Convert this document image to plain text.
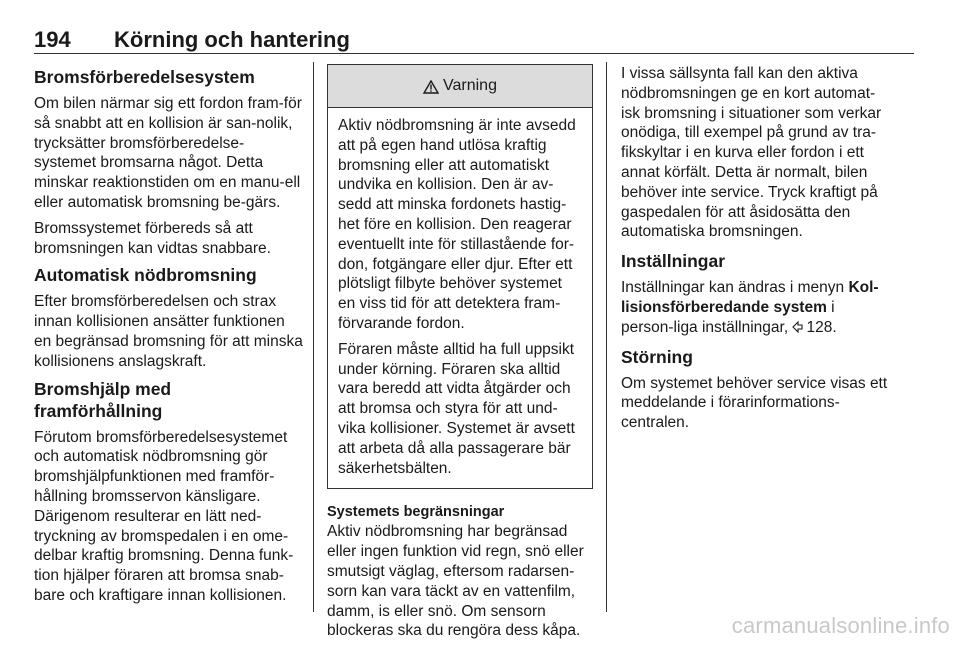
194 Körning och hantering
Bromsförberedelsesystem

Om bilen närmar sig ett fordon fram-för så snabbt att en kollision är san-nolik, trycksätter bromsförberedelse-systemet bromsarna något. Detta minskar reaktionstiden om en manu-ell eller automatisk bromsning be-gärs.

Bromssystemet förbereds så att bromsningen kan vidtas snabbare.

Automatisk nödbromsning

Efter bromsförberedelsen och strax innan kollisionen ansätter funktionen en begränsad bromsning för att minska kollisionens anslagskraft.

Bromshjälp med framförhållning

Förutom bromsförberedelsesystemet och automatisk nödbromsning gör bromshjälpfunktionen med framför-hållning bromsservon känsligare. Därigenom resulterar en lätt ned-tryckning av bromspedalen i en ome-delbar kraftig bromsning. Denna funk-tion hjälper föraren att bromsa snab-bare och kraftigare innan kollisionen.

Varning

Aktiv nödbromsning är inte avsedd att på egen hand utlösa kraftig bromsning eller att automatiskt undvika en kollision. Den är av-sedd att minska fordonets hastig-het före en kollision. Den reagerar eventuellt inte för stillastående for-don, fotgängare eller djur. Efter ett plötsligt filbyte behöver systemet en viss tid för att detektera fram-förvarande fordon.

Föraren måste alltid ha full uppsikt under körning. Föraren ska alltid vara beredd att vidta åtgärder och att bromsa och styra för att und-vika kollisioner. Systemet är avsett att arbeta då alla passagerare bär säkerhetsbälten.

Systemets begränsningar

Aktiv nödbromsning har begränsad eller ingen funktion vid regn, snö eller smutsigt väglag, eftersom radarsen-sorn kan vara täckt av en vattenfilm, damm, is eller snö. Om sensorn blockeras ska du rengöra dess kåpa.

I vissa sällsynta fall kan den aktiva nödbromsningen ge en kort automat-isk bromsning i situationer som verkar onödiga, till exempel på grund av tra-fikskyltar i en kurva eller fordon i ett annat körfält. Detta är normalt, bilen behöver inte service. Tryck kraftigt på gaspedalen för att åsidosätta den automatiska bromsningen.

Inställningar

Inställningar kan ändras i menyn Kol-lisionsförberedande system i person-liga inställningar, 128.

Störning

Om systemet behöver service visas ett meddelande i förarinformations-centralen.

carmanualsonline.info
